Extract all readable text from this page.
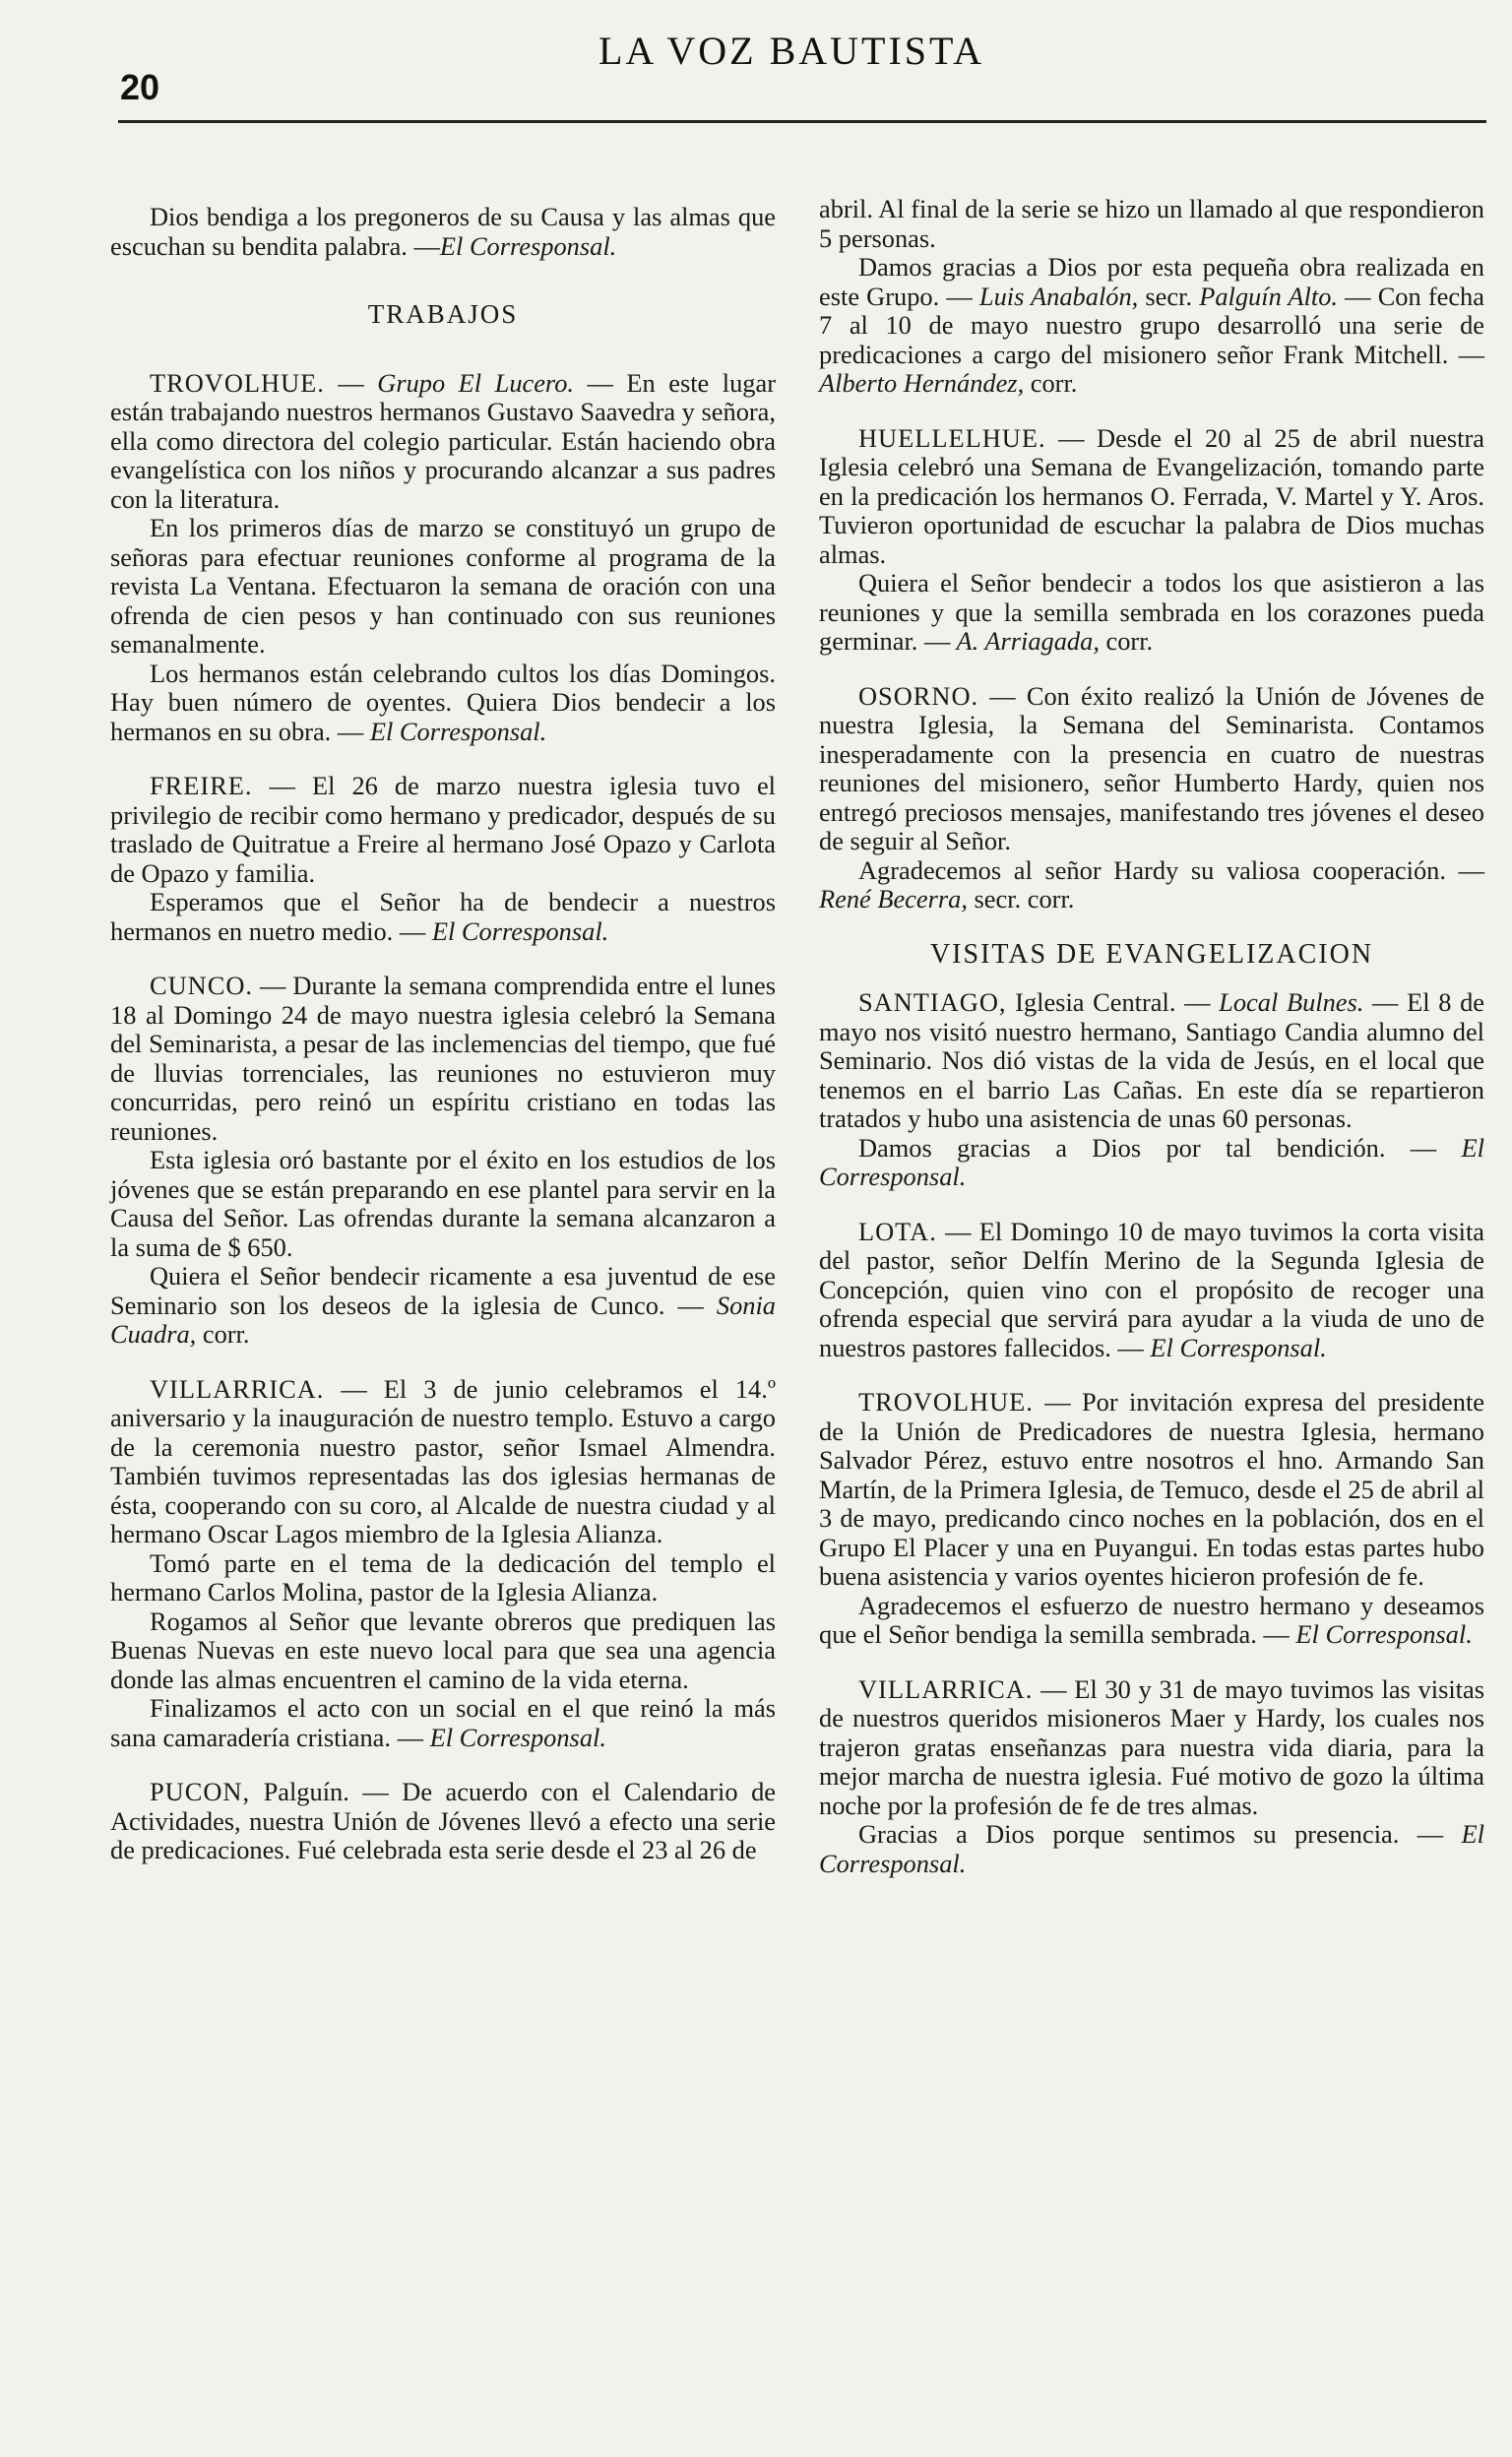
20
LA VOZ BAUTISTA

Dios bendiga a los pregoneros de su Causa y las almas que escuchan su bendita palabra. —El Corresponsal.

TRABAJOS

TROVOLHUE. — Grupo El Lucero. — En este lugar están trabajando nuestros hermanos Gustavo Saavedra y señora, ella como directora del colegio particular. Están haciendo obra evangelística con los niños y procurando alcanzar a sus padres con la literatura.

En los primeros días de marzo se constituyó un grupo de señoras para efectuar reuniones conforme al programa de la revista La Ventana. Efectuaron la semana de oración con una ofrenda de cien pesos y han continuado con sus reuniones semanalmente.

Los hermanos están celebrando cultos los días Domingos. Hay buen número de oyentes. Quiera Dios bendecir a los hermanos en su obra. — El Corresponsal.

FREIRE. — El 26 de marzo nuestra iglesia tuvo el privilegio de recibir como hermano y predicador, después de su traslado de Quitratue a Freire al hermano José Opazo y Carlota de Opazo y familia.

Esperamos que el Señor ha de bendecir a nuestros hermanos en nuetro medio. — El Corresponsal.

CUNCO. — Durante la semana comprendida entre el lunes 18 al Domingo 24 de mayo nuestra iglesia celebró la Semana del Seminarista, a pesar de las inclemencias del tiempo, que fué de lluvias torrenciales, las reuniones no estuvieron muy concurridas, pero reinó un espíritu cristiano en todas las reuniones.

Esta iglesia oró bastante por el éxito en los estudios de los jóvenes que se están preparando en ese plantel para servir en la Causa del Señor. Las ofrendas durante la semana alcanzaron a la suma de $ 650.

Quiera el Señor bendecir ricamente a esa juventud de ese Seminario son los deseos de la iglesia de Cunco. — Sonia Cuadra, corr.

VILLARRICA. — El 3 de junio celebramos el 14.º aniversario y la inauguración de nuestro templo. Estuvo a cargo de la ceremonia nuestro pastor, señor Ismael Almendra. También tuvimos representadas las dos iglesias hermanas de ésta, cooperando con su coro, al Alcalde de nuestra ciudad y al hermano Oscar Lagos miembro de la Iglesia Alianza.

Tomó parte en el tema de la dedicación del templo el hermano Carlos Molina, pastor de la Iglesia Alianza.

Rogamos al Señor que levante obreros que prediquen las Buenas Nuevas en este nuevo local para que sea una agencia donde las almas encuentren el camino de la vida eterna.

Finalizamos el acto con un social en el que reinó la más sana camaradería cristiana. — El Corresponsal.

PUCON, Palguín. — De acuerdo con el Calendario de Actividades, nuestra Unión de Jóvenes llevó a efecto una serie de predicaciones. Fué celebrada esta serie desde el 23 al 26 de

abril. Al final de la serie se hizo un llamado al que respondieron 5 personas.

Damos gracias a Dios por esta pequeña obra realizada en este Grupo. — Luis Anabalón, secr. Palguín Alto. — Con fecha 7 al 10 de mayo nuestro grupo desarrolló una serie de predicaciones a cargo del misionero señor Frank Mitchell. — Alberto Hernández, corr.

HUELLELHUE. — Desde el 20 al 25 de abril nuestra Iglesia celebró una Semana de Evangelización, tomando parte en la predicación los hermanos O. Ferrada, V. Martel y Y. Aros. Tuvieron oportunidad de escuchar la palabra de Dios muchas almas.

Quiera el Señor bendecir a todos los que asistieron a las reuniones y que la semilla sembrada en los corazones pueda germinar. — A. Arriagada, corr.

OSORNO. — Con éxito realizó la Unión de Jóvenes de nuestra Iglesia, la Semana del Seminarista. Contamos inesperadamente con la presencia en cuatro de nuestras reuniones del misionero, señor Humberto Hardy, quien nos entregó preciosos mensajes, manifestando tres jóvenes el deseo de seguir al Señor.

Agradecemos al señor Hardy su valiosa cooperación. — René Becerra, secr. corr.

VISITAS DE EVANGELIZACION

SANTIAGO, Iglesia Central. — Local Bulnes. — El 8 de mayo nos visitó nuestro hermano, Santiago Candia alumno del Seminario. Nos dió vistas de la vida de Jesús, en el local que tenemos en el barrio Las Cañas. En este día se repartieron tratados y hubo una asistencia de unas 60 personas.

Damos gracias a Dios por tal bendición. — El Corresponsal.

LOTA. — El Domingo 10 de mayo tuvimos la corta visita del pastor, señor Delfín Merino de la Segunda Iglesia de Concepción, quien vino con el propósito de recoger una ofrenda especial que servirá para ayudar a la viuda de uno de nuestros pastores fallecidos. — El Corresponsal.

TROVOLHUE. — Por invitación expresa del presidente de la Unión de Predicadores de nuestra Iglesia, hermano Salvador Pérez, estuvo entre nosotros el hno. Armando San Martín, de la Primera Iglesia, de Temuco, desde el 25 de abril al 3 de mayo, predicando cinco noches en la población, dos en el Grupo El Placer y una en Puyangui. En todas estas partes hubo buena asistencia y varios oyentes hicieron profesión de fe.

Agradecemos el esfuerzo de nuestro hermano y deseamos que el Señor bendiga la semilla sembrada. — El Corresponsal.

VILLARRICA. — El 30 y 31 de mayo tuvimos las visitas de nuestros queridos misioneros Maer y Hardy, los cuales nos trajeron gratas enseñanzas para nuestra vida diaria, para la mejor marcha de nuestra iglesia. Fué motivo de gozo la última noche por la profesión de fe de tres almas.

Gracias a Dios porque sentimos su presencia. — El Corresponsal.
